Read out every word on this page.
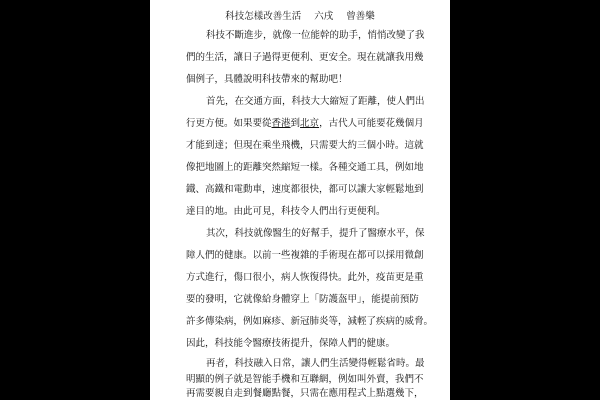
科技怎樣改善生活 六戌 曾善樂
科技不斷進步，就像一位能幹的助手，悄悄改變了我
們的生活，讓日子過得更便利、更安全。現在就讓我用幾
個例子，具體說明科技帶來的幫助吧！
首先，在交通方面，科技大大縮短了距離，使人們出
行更方便。如果要從香港到北京，古代人可能要花幾個月
才能到達；但現在乘坐飛機，只需要大約三個小時。這就
像把地圖上的距離突然縮短一樣。各種交通工具，例如地
鐵、高鐵和電動車，速度都很快，都可以讓大家輕鬆地到
達目的地。由此可見，科技令人們出行更便利。
其次，科技就像醫生的好幫手，提升了醫療水平，保
障人們的健康。以前一些複雜的手術現在都可以採用微創
方式進行，傷口很小，病人恢復得快。此外，疫苗更是重
要的發明，它就像給身體穿上「防護盔甲」，能提前預防
許多傳染病，例如麻疹、新冠肺炎等，減輕了疾病的威脅。
因此，科技能令醫療技術提升，保障人們的健康。
再者，科技融入日常，讓人們生活變得輕鬆省時。最
明顯的例子就是智能手機和互聯網，例如叫外賣，我們不
再需要親自走到餐廳點餐，只需在應用程式上點選幾下，
